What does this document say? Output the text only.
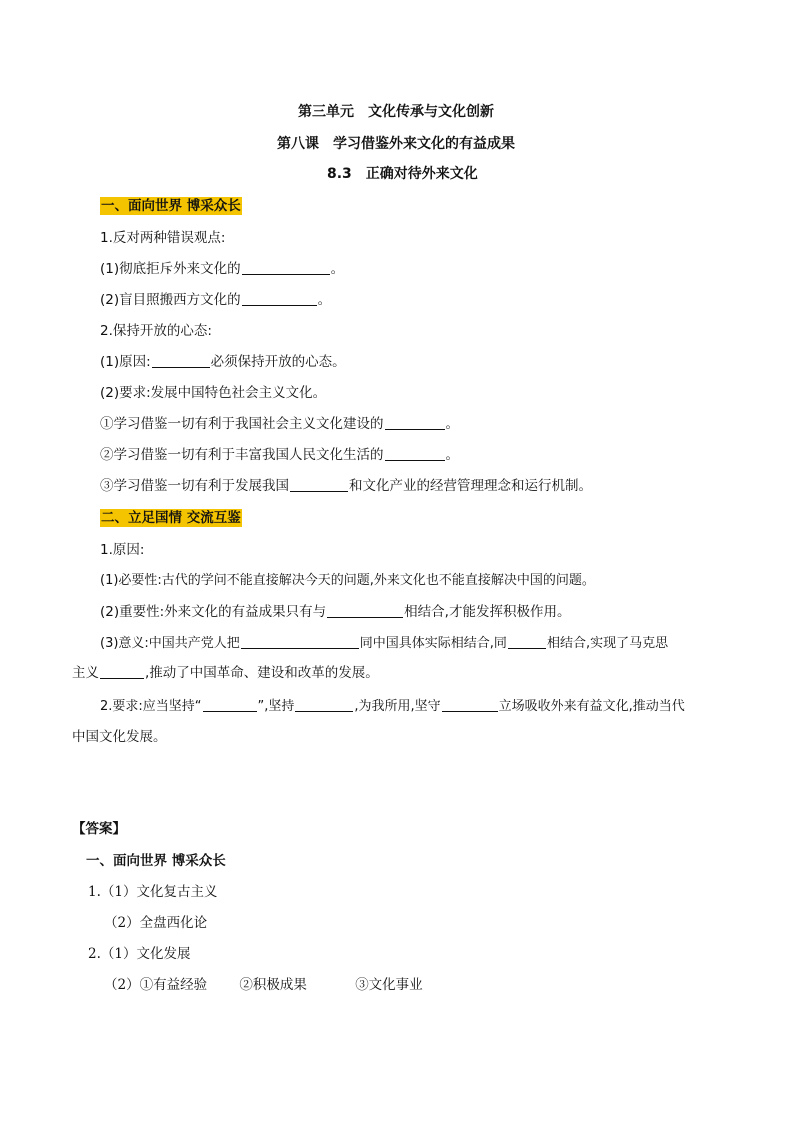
第三单元　文化传承与文化创新
第八课　学习借鉴外来文化的有益成果
8.3　正确对待外来文化
一、面向世界 博采众长
1.反对两种错误观点:
(1)彻底拒斥外来文化的	。
(2)盲目照搬西方文化的	。
2.保持开放的心态:
(1)原因:	必须保持开放的心态。
(2)要求:发展中国特色社会主义文化。
①学习借鉴一切有利于我国社会主义文化建设的	。
②学习借鉴一切有利于丰富我国人民文化生活的	。
③学习借鉴一切有利于发展我国	和文化产业的经营管理理念和运行机制。
二、立足国情 交流互鉴
1.原因:
(1)必要性:古代的学问不能直接解决今天的问题,外来文化也不能直接解决中国的问题。
(2)重要性:外来文化的有益成果只有与	相结合,才能发挥积极作用。
(3)意义:中国共产党人把	同中国具体实际相结合,同	相结合,实现了马克思
主义	,推动了中国革命、建设和改革的发展。
2.要求:应当坚持“	”,坚持	,为我所用,坚守	立场吸收外来有益文化,推动当代
中国文化发展。
【答案】
一、面向世界 博采众长
1.（1）文化复古主义
（2）全盘西化论
2.（1）文化发展
（2）①有益经验 ②积极成果	③文化事业
